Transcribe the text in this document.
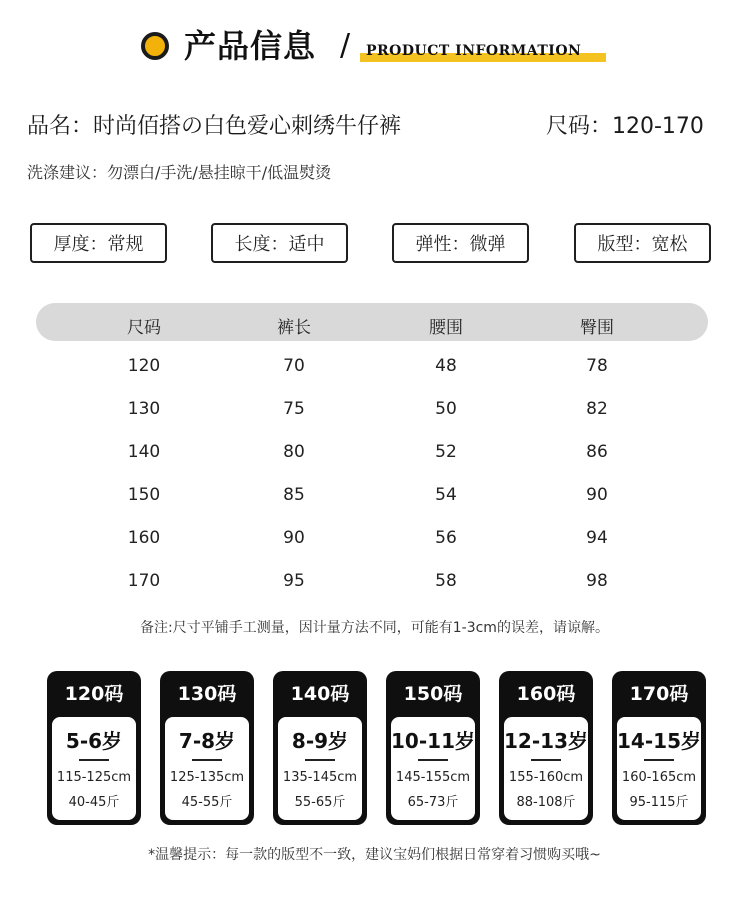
产品信息 / PRODUCT INFORMATION
品名：时尚佰搭の白色爱心刺绣牛仔裤	尺码：120-170
洗涤建议：勿漂白/手洗/悬挂晾干/低温熨烫
厚度：常规	长度：适中	弹性：微弹	版型：宽松
尺码	裤长	腰围	臀围
120	70	48	78
130	75	50	82
140	80	52	86
150	85	54	90
160	90	56	94
170	95	58	98
备注:尺寸平铺手工测量，因计量方法不同，可能有1-3cm的误差，请谅解。
120码
5-6岁
115-125cm
40-45斤
130码
7-8岁
125-135cm
45-55斤
140码
8-9岁
135-145cm
55-65斤
150码
10-11岁
145-155cm
65-73斤
160码
12-13岁
155-160cm
88-108斤
170码
14-15岁
160-165cm
95-115斤
*温馨提示：每一款的版型不一致，建议宝妈们根据日常穿着习惯购买哦~
